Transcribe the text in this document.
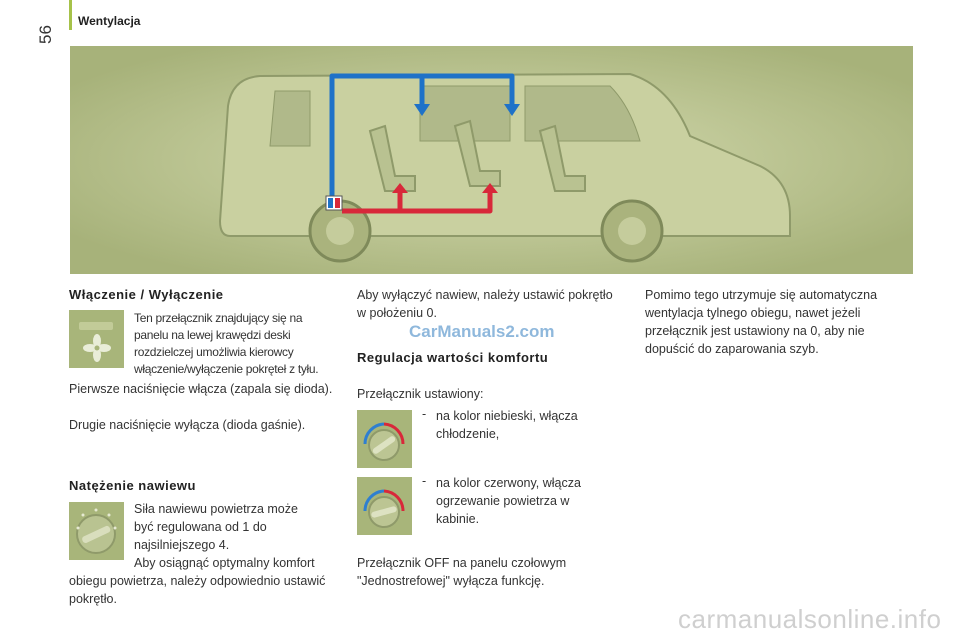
Wentylacja
56
Włączenie / Wyłączenie
Ten przełącznik znajdujący się na
panelu na lewej krawędzi deski
rozdzielczej umożliwia kierowcy
włączenie/wyłączenie pokręteł z tyłu.
Pierwsze naciśnięcie włącza (zapala się dioda).
Drugie naciśnięcie wyłącza (dioda gaśnie).
Natężenie nawiewu
Siła nawiewu powietrza może
być regulowana od 1 do
najsilniejszego 4.
Aby osiągnąć optymalny komfort
obiegu powietrza, należy odpowiednio ustawić pokrętło.
Aby wyłączyć nawiew, należy ustawić pokrętło w położeniu 0.
CarManuals2.com
Regulacja wartości komfortu
Przełącznik ustawiony:
- na kolor niebieski, włącza
chłodzenie,
- na kolor czerwony, włącza
ogrzewanie powietrza w
kabinie.
Przełącznik OFF na panelu czołowym "Jednostrefowej" wyłącza funkcję.
Pomimo tego utrzymuje się automatyczna wentylacja tylnego obiegu, nawet jeżeli przełącznik jest ustawiony na 0, aby nie dopuścić do zaparowania szyb.
carmanualsonline.info
